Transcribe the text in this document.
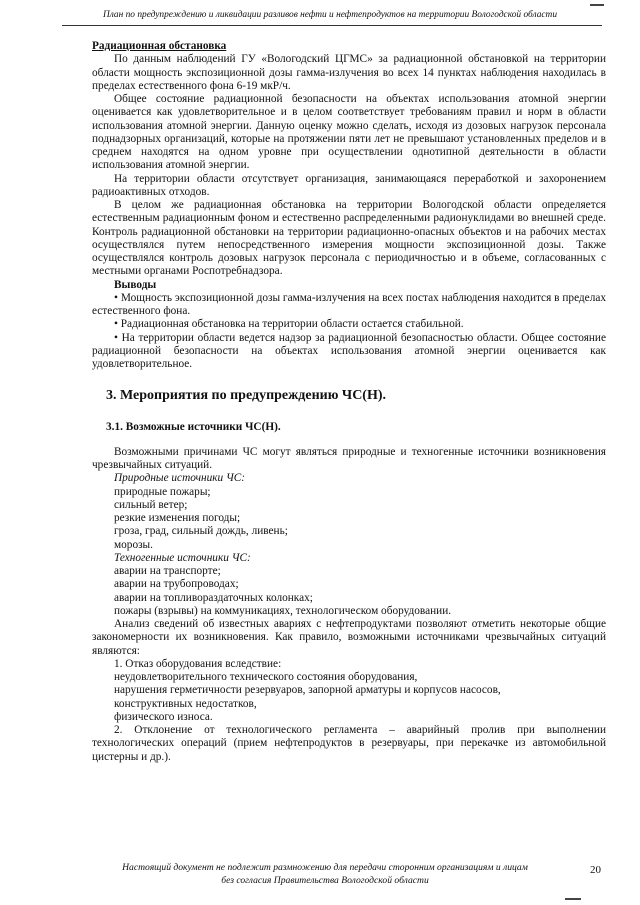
План по предупреждению и ликвидации разливов нефти и нефтепродуктов на территории Вологодской области

Радиационная обстановка

По данным наблюдений ГУ «Вологодский ЦГМС» за радиационной обстановкой на территории области мощность экспозиционной дозы гамма-излучения во всех 14 пунктах наблюдения находилась в пределах естественного фона 6-19 мкР/ч.

Общее состояние радиационной безопасности на объектах использования атомной энергии оценивается как удовлетворительное и в целом соответствует требованиям правил и норм в области использования атомной энергии. Данную оценку можно сделать, исходя из дозовых нагрузок персонала поднадзорных организаций, которые на протяжении пяти лет не превышают установленных пределов и в среднем находятся на одном уровне при осуществлении однотипной деятельности в области использования атомной энергии.

На территории области отсутствует организация, занимающаяся переработкой и захоронением радиоактивных отходов.

В целом же радиационная обстановка на территории Вологодской области определяется естественным радиационным фоном и естественно распределенными радионуклидами во внешней среде. Контроль радиационной обстановки на территории радиационно-опасных объектов и на рабочих местах осуществлялся путем непосредственного измерения мощности экспозиционной дозы. Также осуществлялся контроль дозовых нагрузок персонала с периодичностью и в объеме, согласованных с местными органами Роспотребнадзора.

Выводы

• Мощность экспозиционной дозы гамма-излучения на всех постах наблюдения находится в пределах естественного фона.

• Радиационная обстановка на территории области остается стабильной.

• На территории области ведется надзор за радиационной безопасностью области. Общее состояние радиационной безопасности на объектах использования атомной энергии оценивается как удовлетворительное.

3. Мероприятия по предупреждению ЧС(Н).

3.1. Возможные источники ЧС(Н).

Возможными причинами ЧС могут являться природные и техногенные источники возникновения чрезвычайных ситуаций.

Природные источники ЧС:

природные пожары;

сильный ветер;

резкие изменения погоды;

гроза, град, сильный дождь, ливень;

морозы.

Техногенные источники ЧС:

аварии на транспорте;

аварии на трубопроводах;

аварии на топливораздаточных колонках;

пожары (взрывы) на коммуникациях, технологическом оборудовании.

Анализ сведений об известных авариях с нефтепродуктами позволяют отметить некоторые общие закономерности их возникновения. Как правило, возможными источниками чрезвычайных ситуаций являются:

1. Отказ оборудования вследствие:

неудовлетворительного технического состояния оборудования,

нарушения герметичности резервуаров, запорной арматуры и корпусов насосов,

конструктивных недостатков,

физического износа.

2. Отклонение от технологического регламента – аварийный пролив при выполнении технологических операций (прием нефтепродуктов в резервуары, при перекачке из автомобильной цистерны и др.).

Настоящий документ не подлежит размножению для передачи сторонним организациям и лицам
без согласия Правительства Вологодской области
20
